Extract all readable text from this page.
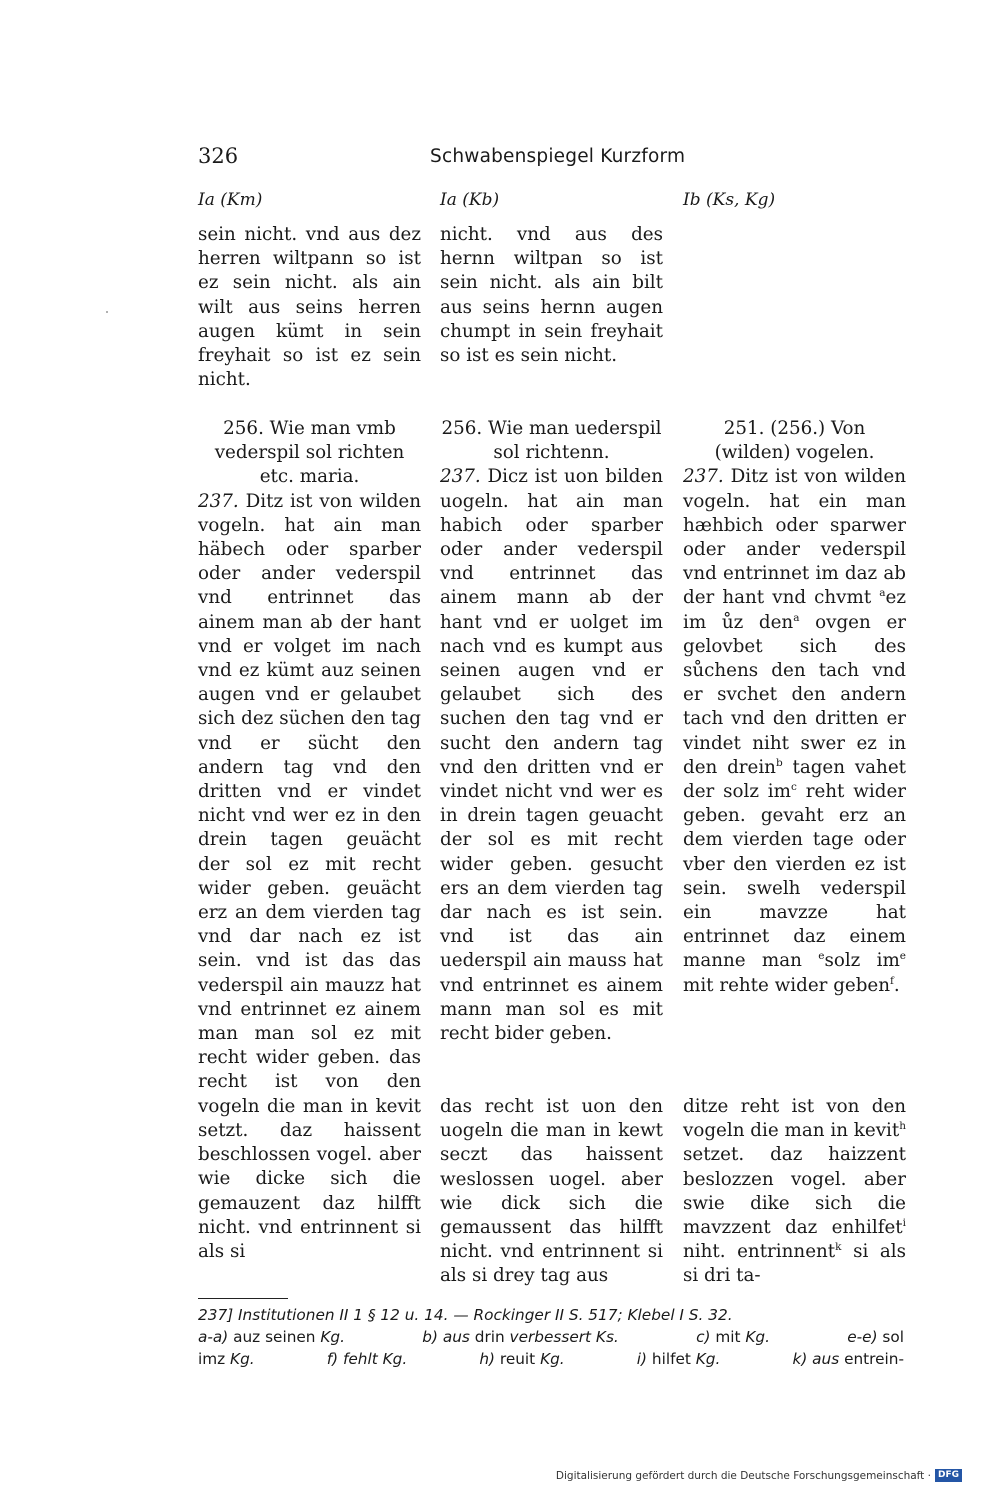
326	Schwabenspiegel Kurzform
Ia (Km)	Ia (Kb)	Ib (Ks, Kg)

sein nicht. vnd aus dez herren wiltpann so ist ez sein nicht. als ain wilt aus seins herren augen kümt in sein freyhait so ist ez sein nicht.

256. Wie man vmb vederspil sol richten etc. maria.

237. Ditz ist von wilden vogeln. hat ain man häbech oder sparber oder ander vederspil vnd entrinnet das ainem man ab der hant vnd er volget im nach vnd ez kümt auz seinen augen vnd er gelaubet sich dez süchen den tag vnd er sücht den andern tag vnd den dritten vnd er vindet nicht vnd wer ez in den drein tagen geuächt der sol ez mit recht wider geben. geuächt erz an dem vierden tag vnd dar nach ez ist sein. vnd ist das das vederspil ain mauzz hat vnd entrinnet ez ainem man man sol ez mit recht wider geben. das recht ist von den vogeln die man in kevit setzt. daz haissent beschlossen vogel. aber wie dicke sich die gemauzent daz hilfft nicht. vnd entrinnent si als si

nicht. vnd aus des hernn wiltpan so ist sein nicht. als ain bilt aus seins hernn augen chumpt in sein freyhait so ist es sein nicht.

256. Wie man uederspil sol richtenn.

237. Dicz ist uon bilden uogeln. hat ain man habich oder sparber oder ander vederspil vnd entrinnet das ainem mann ab der hant vnd er uolget im nach vnd es kumpt aus seinen augen vnd er gelaubet sich des suchen den tag vnd er sucht den andern tag vnd den dritten vnd er vindet nicht vnd wer es in drein tagen geuacht der sol es mit recht wider geben. gesucht ers an dem vierden tag dar nach es ist sein. vnd ist das ain uederspil ain mauss hat vnd entrinnet es ainem mann man sol es mit recht bider geben.

das recht ist uon den uogeln die man in kewt seczt das haissent weslossen uogel. aber wie dick sich die gemaussent das hilfft nicht. vnd entrinnent si als si drey tag aus

251. (256.) Von (wilden) vogelen.

237. Ditz ist von wilden vogeln. hat ein man hæhbich oder sparwer oder ander vederspil vnd entrinnet im daz ab der hant vnd chvmt $^a$ez im ůz den$^a$ ovgen er gelovbet sich des sůchens den tach vnd er svchet den andern tach vnd den dritten er vindet niht swer ez in den drein$^b$ tagen vahet der solz $im^c$ reht wider geben. gevaht erz an dem vierden tage oder vber den vierden ez ist sein. swelh vederspil ein mavzze hat entrinnet daz einem manne man $^e$solz $im^e$ mit rehte wider geben$^f$.

ditze reht ist von den vogeln die man in kevit$^h$ setzet. daz haizzent beslozzen vogel. aber swie dike sich die mavzzent daz enhilfet$^i$ niht. entrinnent$^k$ si als si dri ta-

237] Institutionen II 1 § 12 u. 14. — Rockinger II S. 517; Klebel I S. 32.
a-a) auz seinen Kg.	b) aus drin verbessert Ks.	c) mit Kg.	e-e) sol
imz Kg.	f) fehlt Kg.	h) reuit Kg.	i) hilfet Kg.	k) aus entrein-
Digitalisierung gefördert durch die Deutsche Forschungsgemeinschaft · DFG
